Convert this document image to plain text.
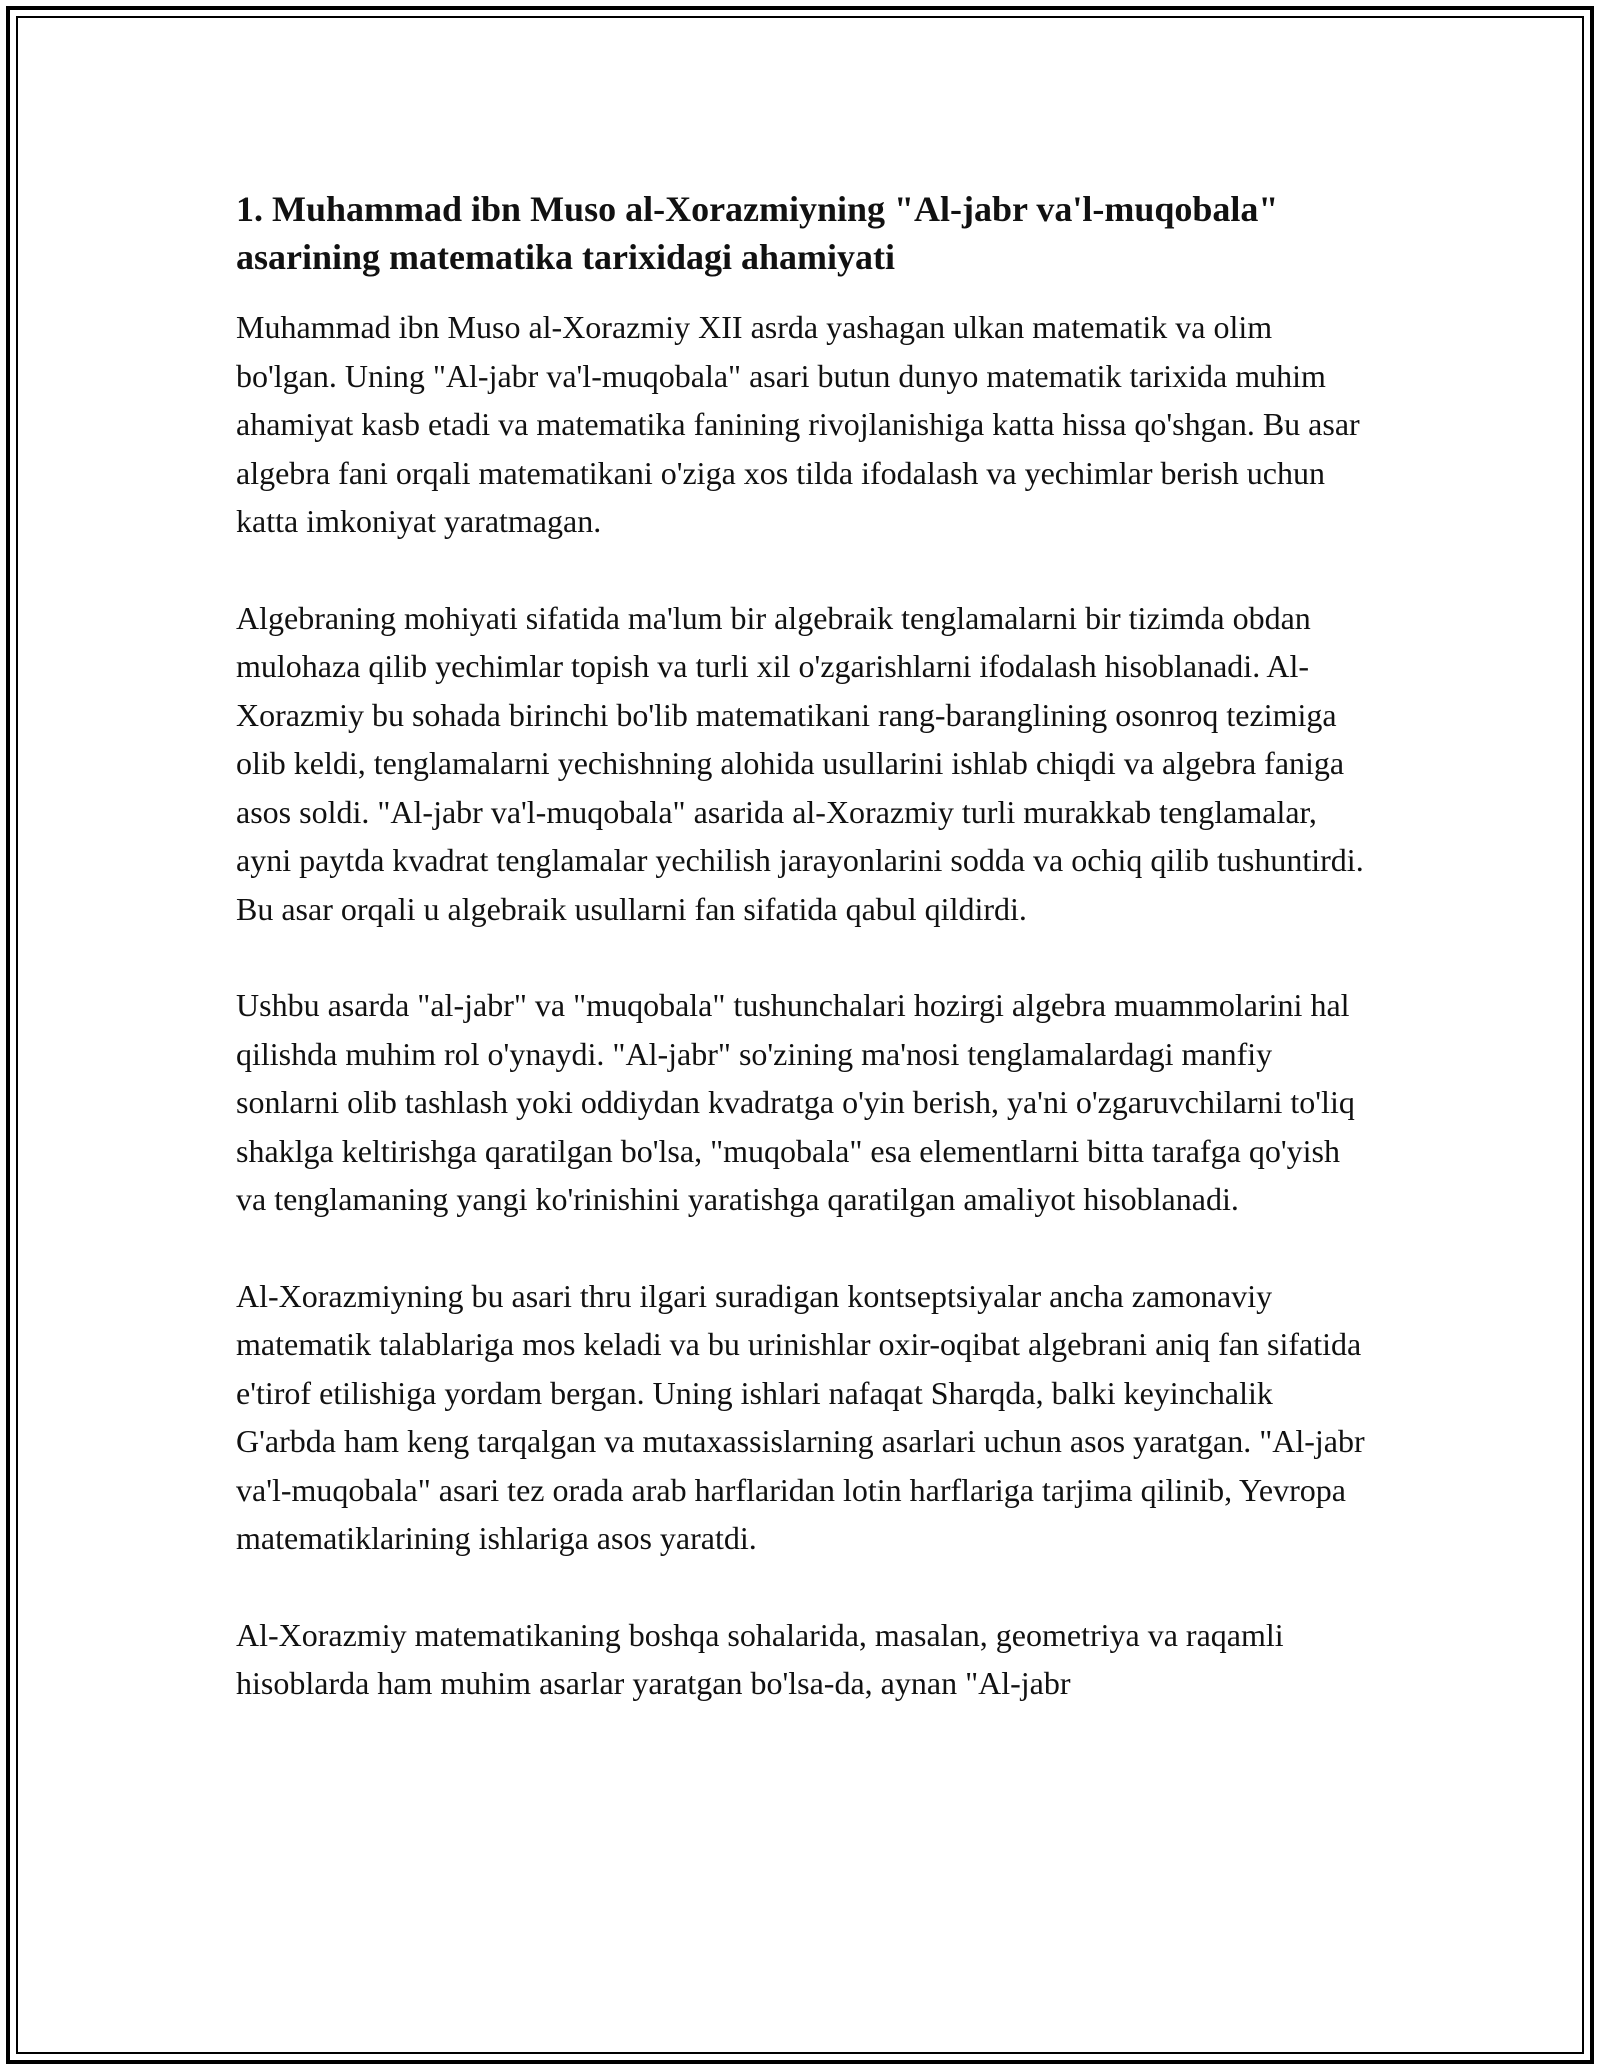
1. Muhammad ibn Muso al-Xorazmiyning "Al-jabr va'l-muqobala" asarining matematika tarixidagi ahamiyati

Muhammad ibn Muso al-Xorazmiy XII asrda yashagan ulkan matematik va olim bo'lgan. Uning "Al-jabr va'l-muqobala" asari butun dunyo matematik tarixida muhim ahamiyat kasb etadi va matematika fanining rivojlanishiga katta hissa qo'shgan. Bu asar algebra fani orqali matematikani o'ziga xos tilda ifodalash va yechimlar berish uchun katta imkoniyat yaratmagan.

Algebraning mohiyati sifatida ma'lum bir algebraik tenglamalarni bir tizimda obdan mulohaza qilib yechimlar topish va turli xil o'zgarishlarni ifodalash hisoblanadi. Al-Xorazmiy bu sohada birinchi bo'lib matematikani rang-baranglining osonroq tezimiga olib keldi, tenglamalarni yechishning alohida usullarini ishlab chiqdi va algebra faniga asos soldi. "Al-jabr va'l-muqobala" asarida al-Xorazmiy turli murakkab tenglamalar, ayni paytda kvadrat tenglamalar yechilish jarayonlarini sodda va ochiq qilib tushuntirdi. Bu asar orqali u algebraik usullarni fan sifatida qabul qildirdi.

Ushbu asarda "al-jabr" va "muqobala" tushunchalari hozirgi algebra muammolarini hal qilishda muhim rol o'ynaydi. "Al-jabr" so'zining ma'nosi tenglamalardagi manfiy sonlarni olib tashlash yoki oddiydan kvadratga o'yin berish, ya'ni o'zgaruvchilarni to'liq shaklga keltirishga qaratilgan bo'lsa, "muqobala" esa elementlarni bitta tarafga qo'yish va tenglamaning yangi ko'rinishini yaratishga qaratilgan amaliyot hisoblanadi.

Al-Xorazmiyning bu asari thru ilgari suradigan kontseptsiyalar ancha zamonaviy matematik talablariga mos keladi va bu urinishlar oxir-oqibat algebrani aniq fan sifatida e'tirof etilishiga yordam bergan. Uning ishlari nafaqat Sharqda, balki keyinchalik G'arbda ham keng tarqalgan va mutaxassislarning asarlari uchun asos yaratgan. "Al-jabr va'l-muqobala" asari tez orada arab harflaridan lotin harflariga tarjima qilinib, Yevropa matematiklarining ishlariga asos yaratdi.

Al-Xorazmiy matematikaning boshqa sohalarida, masalan, geometriya va raqamli hisoblarda ham muhim asarlar yaratgan bo'lsa-da, aynan "Al-jabr
